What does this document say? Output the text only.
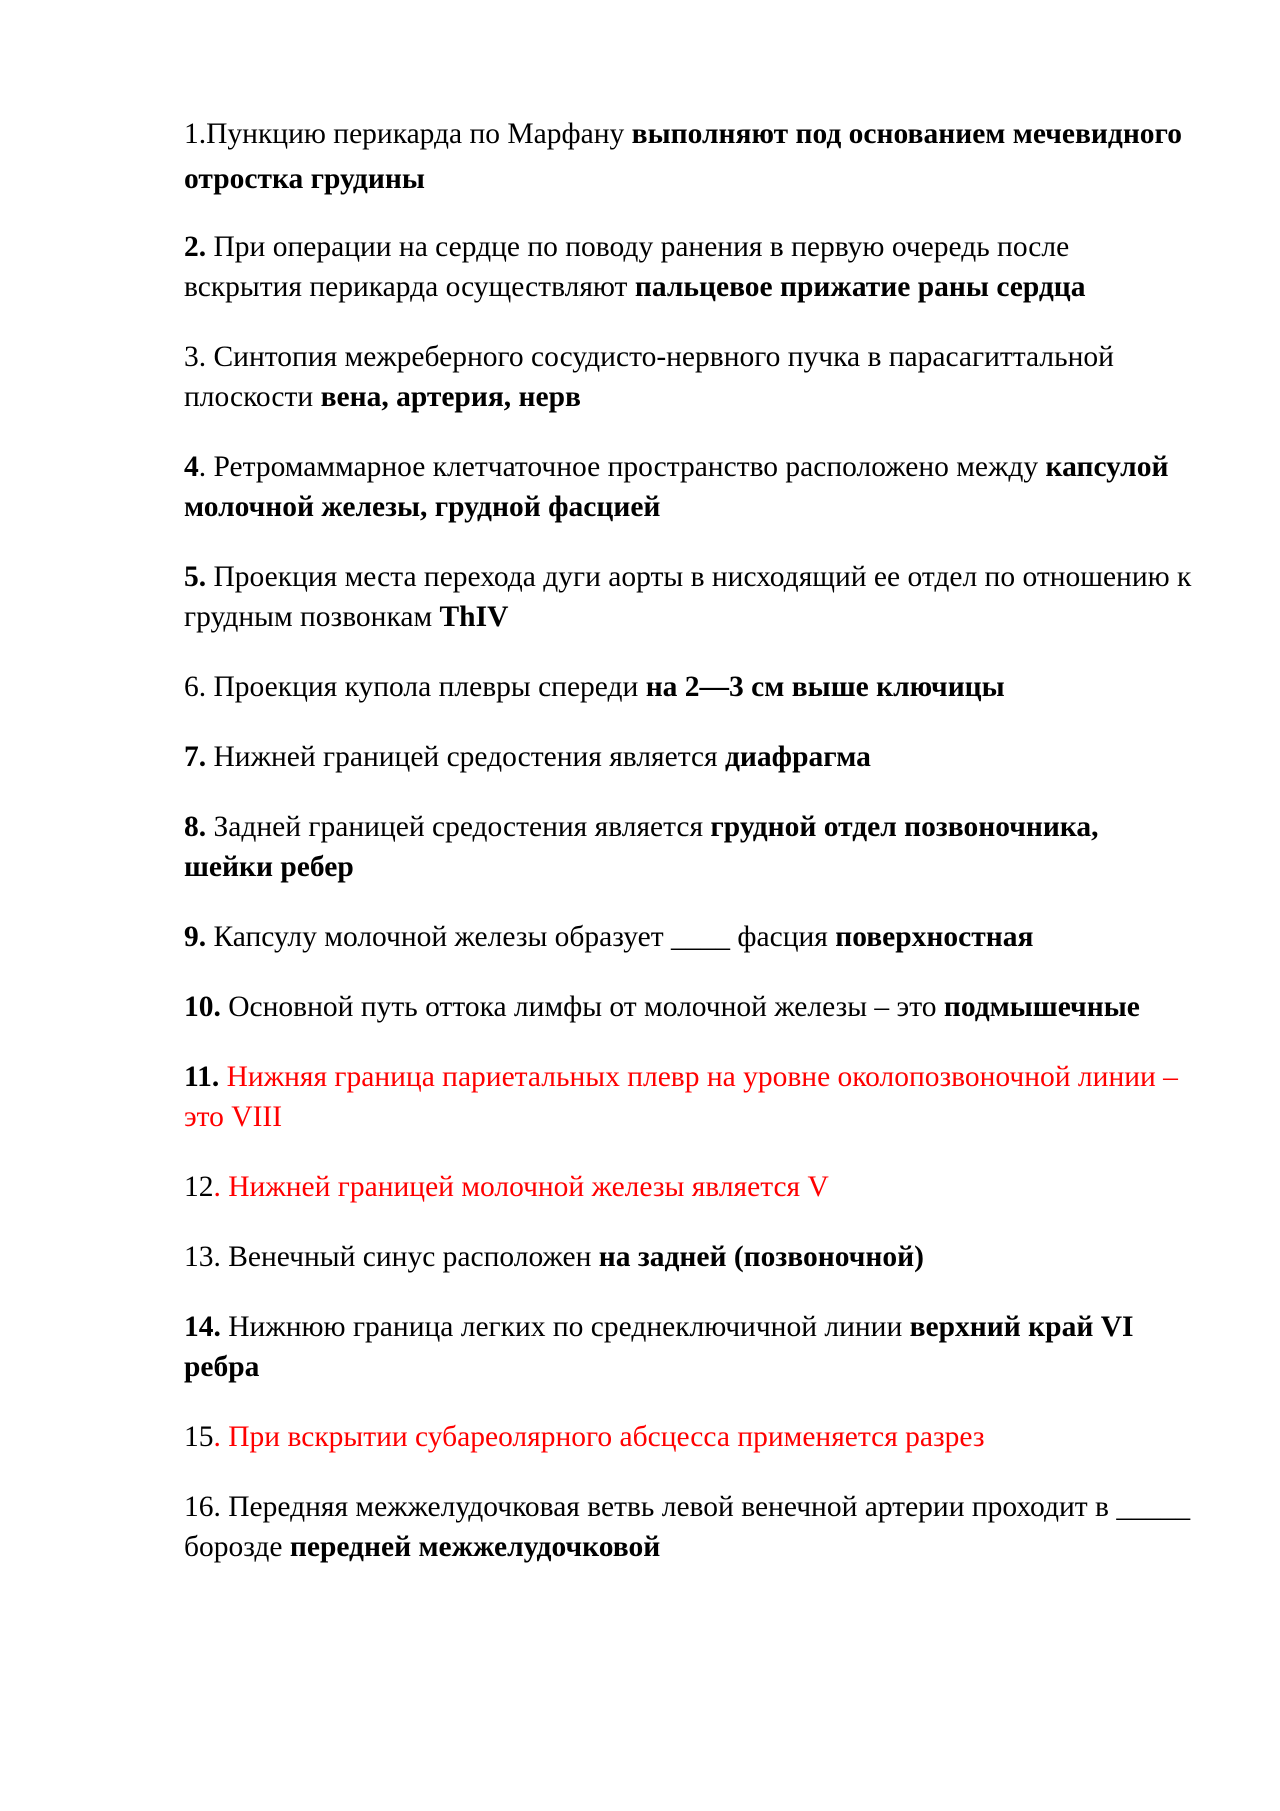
1.Пункцию перикарда по Марфану выполняют под основанием мечевидного отростка грудины

2. При операции на сердце по поводу ранения в первую очередь после вскрытия перикарда осуществляют пальцевое прижатие раны сердца

3. Синтопия межреберного сосудисто-нервного пучка в парасагиттальной плоскости вена, артерия, нерв

4. Ретромаммарное клетчаточное пространство расположено между капсулой молочной железы, грудной фасцией

5. Проекция места перехода дуги аорты в нисходящий ее отдел по отношению к грудным позвонкам ThIV

6. Проекция купола плевры спереди на 2—3 см выше ключицы

7. Нижней границей средостения является диафрагма

8. Задней границей средостения является грудной отдел позвоночника, шейки ребер

9. Капсулу молочной железы образует ____ фасция поверхностная

10. Основной путь оттока лимфы от молочной железы – это подмышечные

11. Нижняя граница париетальных плевр на уровне околопозвоночной линии – это VIII

12. Нижней границей молочной железы является V

13. Венечный синус расположен на задней (позвоночной)

14. Нижнюю граница легких по среднеключичной линии верхний край VI ребра

15. При вскрытии субареолярного абсцесса применяется разрез

16. Передняя межжелудочковая ветвь левой венечной артерии проходит в _____ борозде передней межжелудочковой
